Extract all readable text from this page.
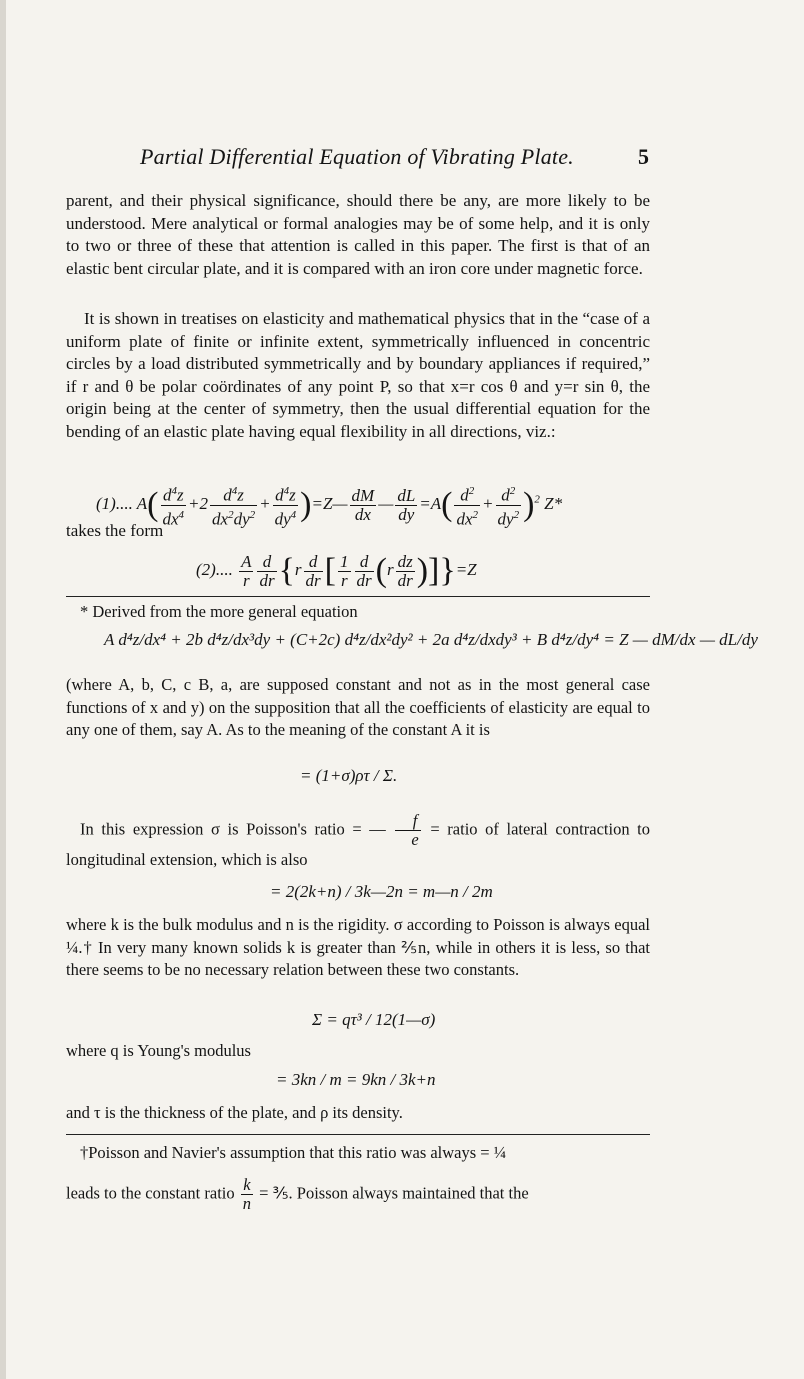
Partial Differential Equation of Vibrating Plate.	5
parent, and their physical significance, should there be any, are more likely to be understood. Mere analytical or formal analogies may be of some help, and it is only to two or three of these that attention is called in this paper. The first is that of an elastic bent circular plate, and it is compared with an iron core under magnetic force.
It is shown in treatises on elasticity and mathematical physics that in the “case of a uniform plate of finite or infinite extent, symmetrically influenced in concentric circles by a load distributed symmetrically and by boundary appliances if required,” if r and θ be polar coördinates of any point P, so that x=r cos θ and y=r sin θ, the origin being at the center of symmetry, then the usual differential equation for the bending of an elastic plate having equal flexibility in all directions, viz.:
(1).... $A( \frac{d^4z}{dx^4} +2 \frac{d^4z}{dx^2dy^2} + \frac{d^4z}{dy^4}$ )=Z— $\frac{dM}{dx}$ — $\frac{dL}{dy} =A( \frac{d^2}{dx^2} + \frac{d^2}{dy^2} )^2$ Z*
takes the form
(2).... $\frac{A}{r} \frac{d}{dr} \{r \frac{d}{dr}$ [ $\frac{1}{r} \frac{d}{dr} (r \frac{dz}{dr} )]\}=Z$
* Derived from the more general equation
A d⁴z/dx⁴ + 2b d⁴z/dx³dy + (C+2c) d⁴z/dx²dy² + 2a d⁴z/dxdy³ + B d⁴z/dy⁴ = Z — dM/dx — dL/dy
(where A, b, C, c B, a, are supposed constant and not as in the most general case functions of x and y) on the supposition that all the coefficients of elasticity are equal to any one of them, say A. As to the meaning of the constant A it is
= (1+σ)ρτ / Σ.
In this expression σ is Poisson's ratio = — $\frac{f}{e}$ = ratio of lateral contraction to longitudinal extension, which is also
= 2(2k+n) / 3k—2n = m—n / 2m
where k is the bulk modulus and n is the rigidity. σ according to Poisson is always equal ¼.† In very many known solids k is greater than ⅖n, while in others it is less, so that there seems to be no necessary relation between these two constants.
Σ = qτ³ / 12(1—σ)
where q is Young's modulus
= 3kn / m = 9kn / 3k+n
and τ is the thickness of the plate, and ρ its density.
†Poisson and Navier's assumption that this ratio was always = ¼
leads to the constant ratio $\frac{k}{n}$ = ⅗. Poisson always maintained that the
